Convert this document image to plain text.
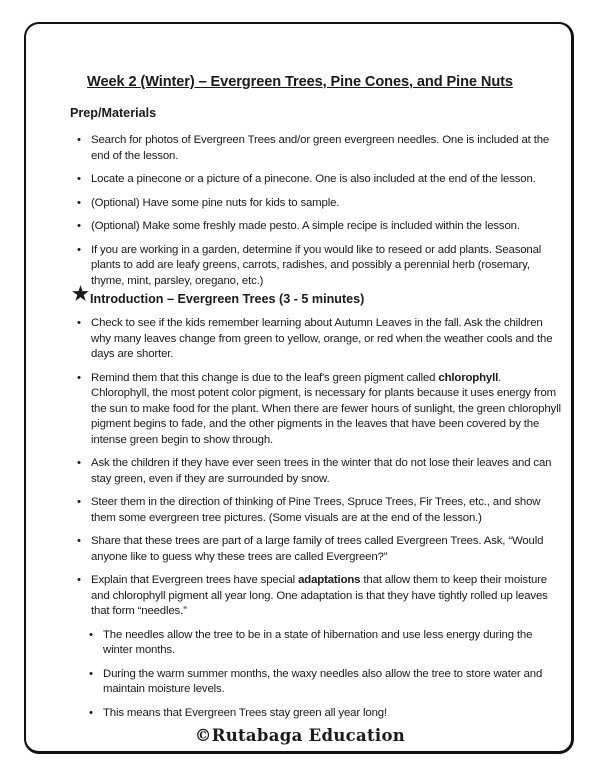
Week 2 (Winter) – Evergreen Trees, Pine Cones, and Pine Nuts
Prep/Materials
• Search for photos of Evergreen Trees and/or green evergreen needles. One is included at the end of the lesson.
• Locate a pinecone or a picture of a pinecone. One is also included at the end of the lesson.
• (Optional) Have some pine nuts for kids to sample.
• (Optional) Make some freshly made pesto. A simple recipe is included within the lesson.
• If you are working in a garden, determine if you would like to reseed or add plants. Seasonal plants to add are leafy greens, carrots, radishes, and possibly a perennial herb (rosemary, thyme, mint, parsley, oregano, etc.)
★ Introduction – Evergreen Trees (3 - 5 minutes)
• Check to see if the kids remember learning about Autumn Leaves in the fall. Ask the children why many leaves change from green to yellow, orange, or red when the weather cools and the days are shorter.
• Remind them that this change is due to the leaf's green pigment called chlorophyll. Chlorophyll, the most potent color pigment, is necessary for plants because it uses energy from the sun to make food for the plant. When there are fewer hours of sunlight, the green chlorophyll pigment begins to fade, and the other pigments in the leaves that have been covered by the intense green begin to show through.
• Ask the children if they have ever seen trees in the winter that do not lose their leaves and can stay green, even if they are surrounded by snow.
• Steer them in the direction of thinking of Pine Trees, Spruce Trees, Fir Trees, etc., and show them some evergreen tree pictures. (Some visuals are at the end of the lesson.)
• Share that these trees are part of a large family of trees called Evergreen Trees. Ask, “Would anyone like to guess why these trees are called Evergreen?”
• Explain that Evergreen trees have special adaptations that allow them to keep their moisture and chlorophyll pigment all year long. One adaptation is that they have tightly rolled up leaves that form “needles.”
• The needles allow the tree to be in a state of hibernation and use less energy during the winter months.
• During the warm summer months, the waxy needles also allow the tree to store water and maintain moisture levels.
• This means that Evergreen Trees stay green all year long!
©Rutabaga Education
